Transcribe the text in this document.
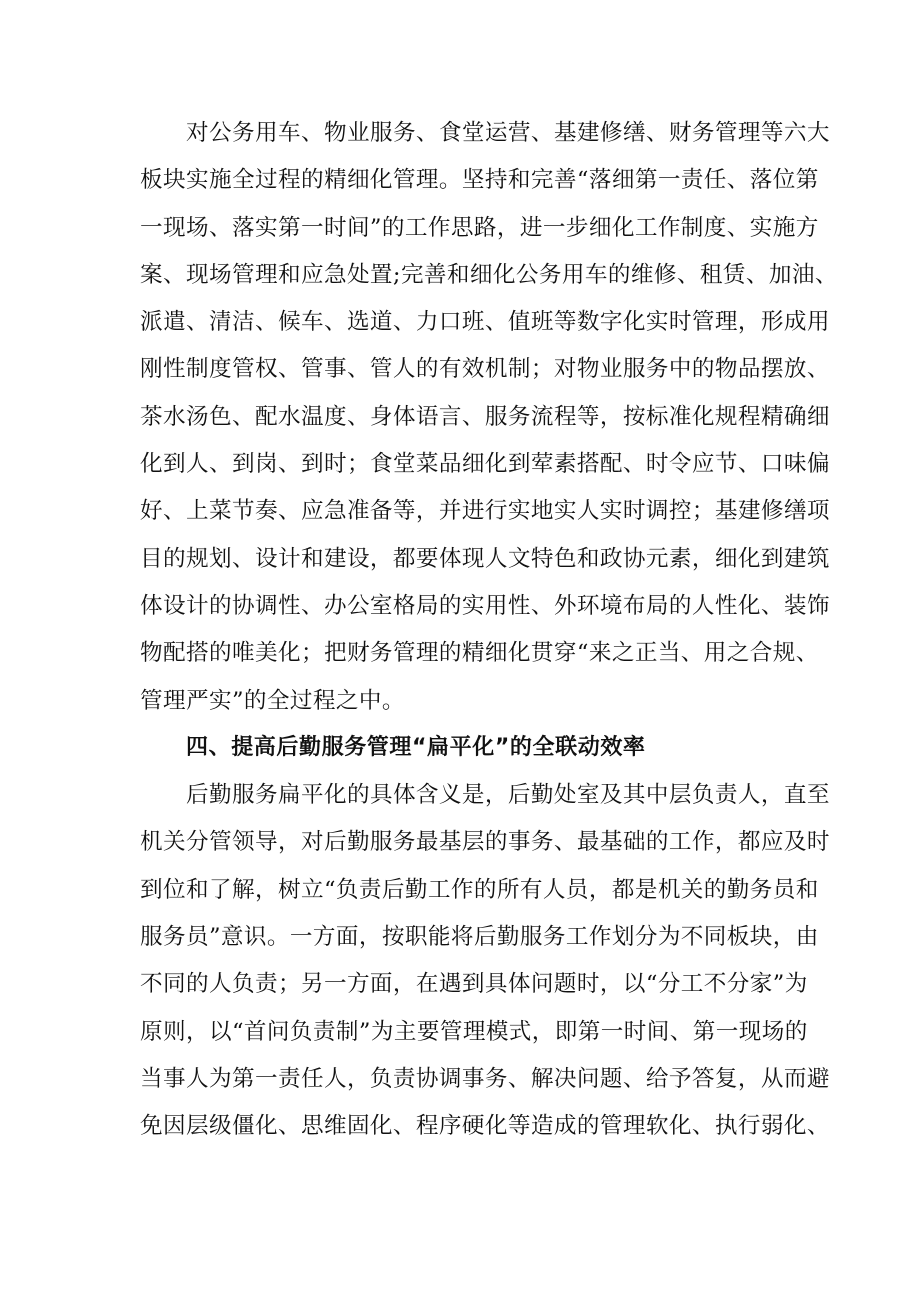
对公务用车、物业服务、食堂运营、基建修缮、财务管理等六大
板块实施全过程的精细化管理。坚持和完善“落细第一责任、落位第
一现场、落实第一时间”的工作思路，进一步细化工作制度、实施方
案、现场管理和应急处置;完善和细化公务用车的维修、租赁、加油、
派遣、清洁、候车、选道、力口班、值班等数字化实时管理，形成用
刚性制度管权、管事、管人的有效机制；对物业服务中的物品摆放、
茶水汤色、配水温度、身体语言、服务流程等，按标准化规程精确细
化到人、到岗、到时；食堂菜品细化到荤素搭配、时令应节、口味偏
好、上菜节奏、应急准备等，并进行实地实人实时调控；基建修缮项
目的规划、设计和建设，都要体现人文特色和政协元素，细化到建筑
体设计的协调性、办公室格局的实用性、外环境布局的人性化、装饰
物配搭的唯美化；把财务管理的精细化贯穿“来之正当、用之合规、
管理严实”的全过程之中。
四、提高后勤服务管理“扁平化”的全联动效率
后勤服务扁平化的具体含义是，后勤处室及其中层负责人，直至
机关分管领导，对后勤服务最基层的事务、最基础的工作，都应及时
到位和了解，树立“负责后勤工作的所有人员，都是机关的勤务员和
服务员”意识。一方面，按职能将后勤服务工作划分为不同板块，由
不同的人负责；另一方面，在遇到具体问题时，以“分工不分家”为
原则，以“首问负责制”为主要管理模式，即第一时间、第一现场的
当事人为第一责任人，负责协调事务、解决问题、给予答复，从而避
免因层级僵化、思维固化、程序硬化等造成的管理软化、执行弱化、
